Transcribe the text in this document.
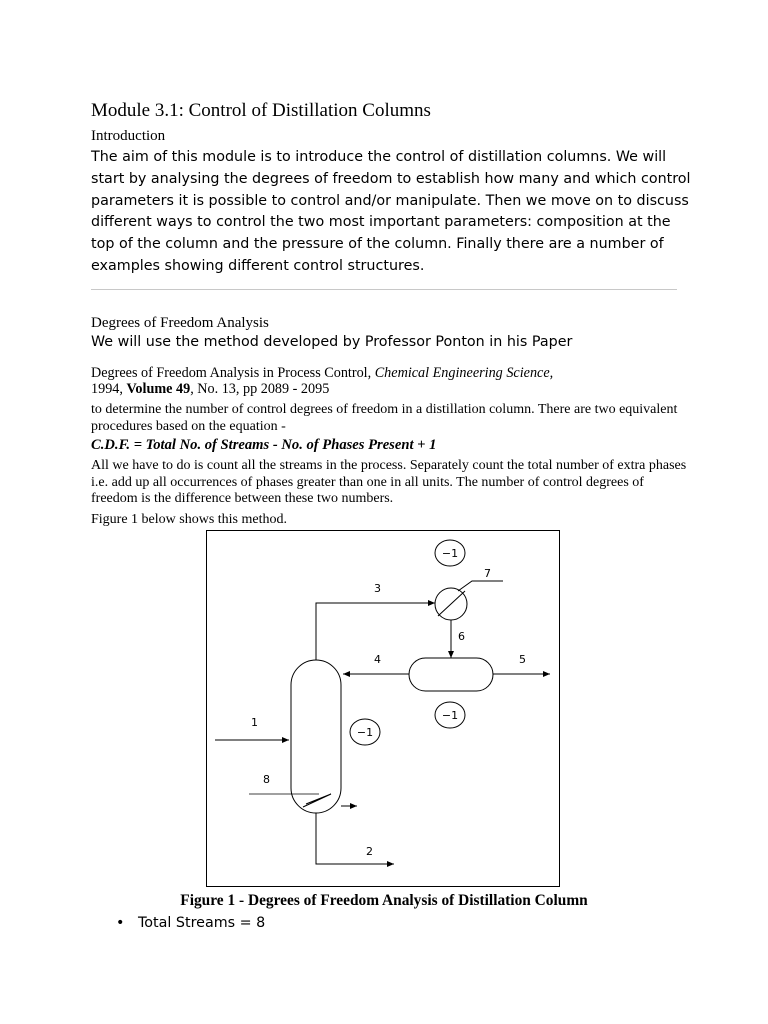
Module 3.1: Control of Distillation Columns
Introduction
The aim of this module is to introduce the control of distillation columns. We will start by analysing the degrees of freedom to establish how many and which control parameters it is possible to control and/or manipulate. Then we move on to discuss different ways to control the two most important parameters: composition at the top of the column and the pressure of the column. Finally there are a number of examples showing different control structures.
Degrees of Freedom Analysis
We will use the method developed by Professor Ponton in his Paper
Degrees of Freedom Analysis in Process Control, Chemical Engineering Science,
1994, Volume 49, No. 13, pp 2089 - 2095
to determine the number of control degrees of freedom in a distillation column. There are two equivalent procedures based on the equation -
C.D.F. = Total No. of Streams - No. of Phases Present + 1
All we have to do is count all the streams in the process. Separately count the total number of extra phases i.e. add up all occurrences of phases greater than one in all units. The number of control degrees of freedom is the difference between these two numbers.
Figure 1 below shows this method.
−1
−1
−1
1
2
3
4	5
6
7
8
Figure 1 - Degrees of Freedom Analysis of Distillation Column
• Total Streams = 8
